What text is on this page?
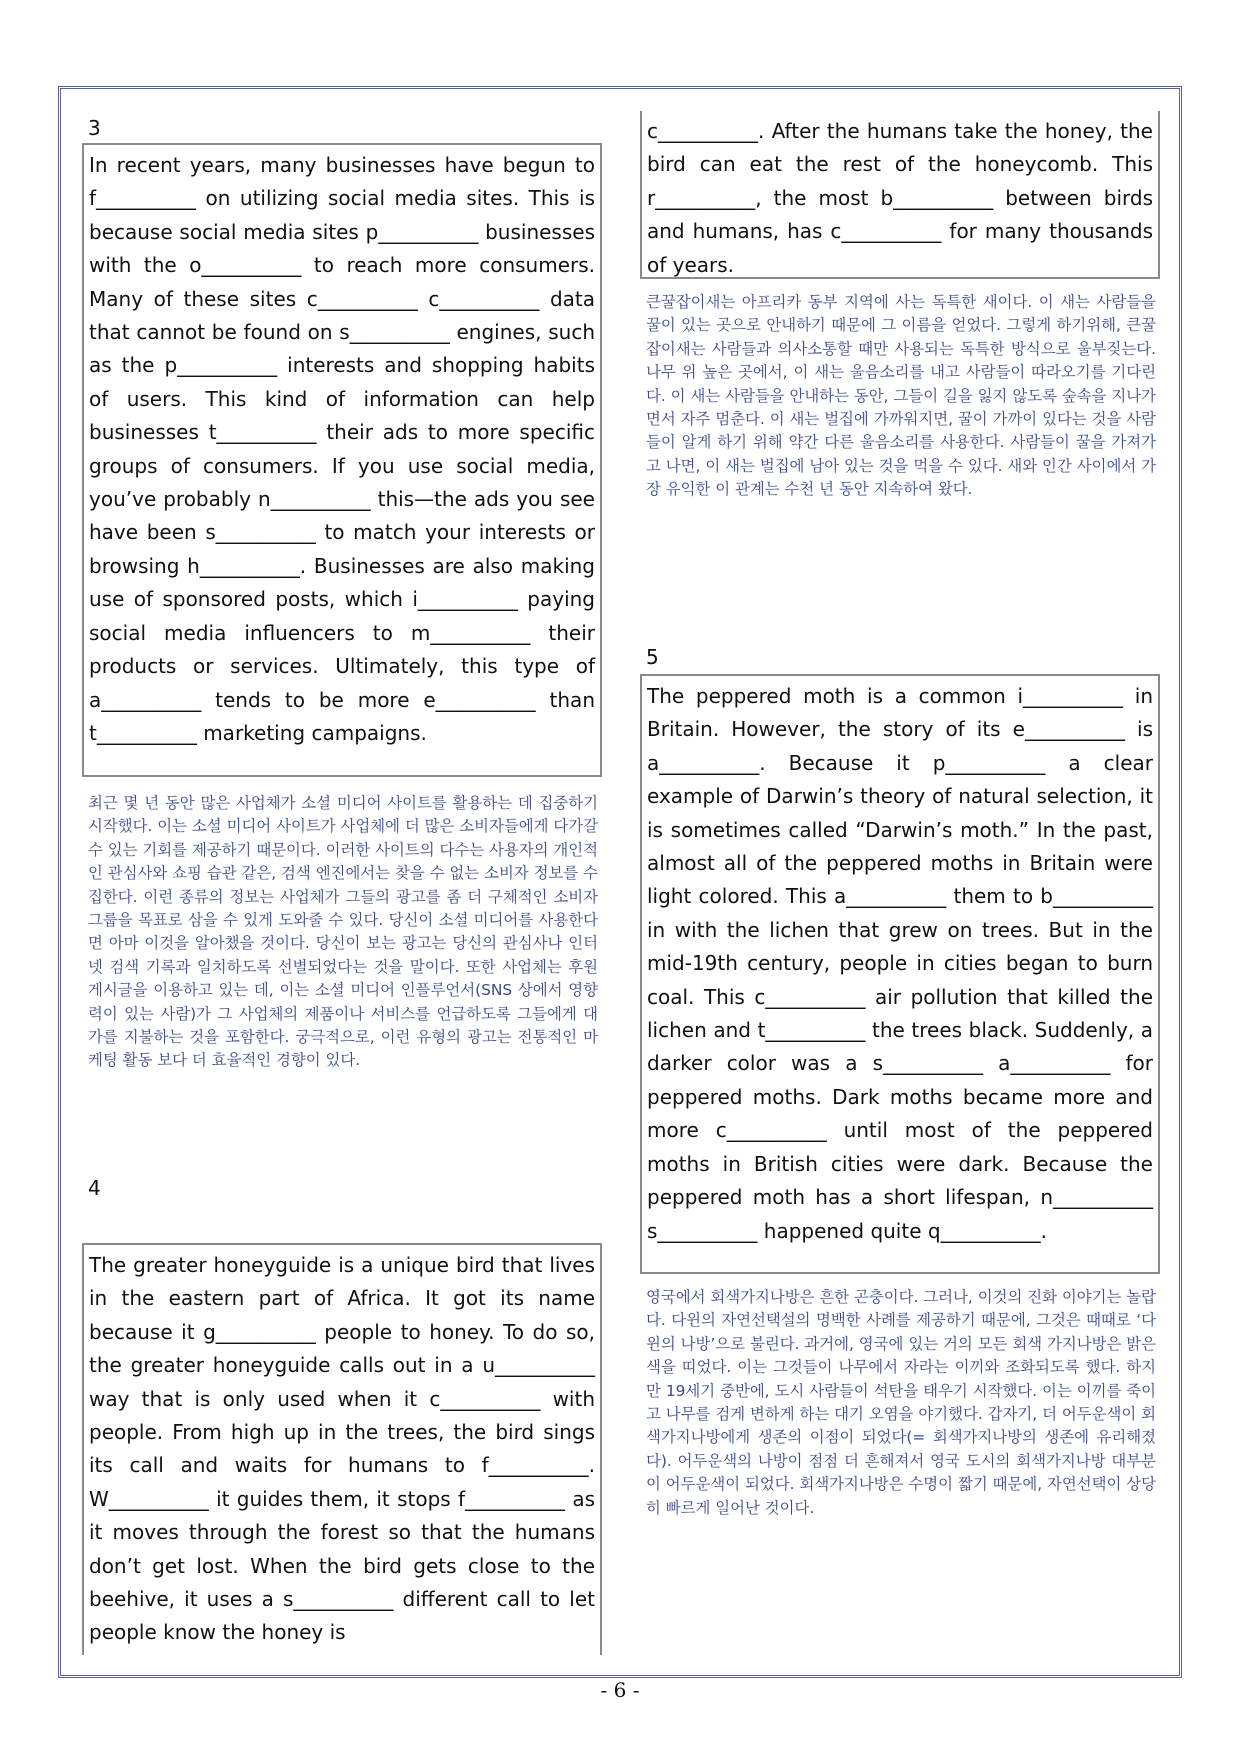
3
In recent years, many businesses have begun to f__________ on utilizing social media sites. This is because social media sites p__________ businesses with the o__________ to reach more consumers. Many of these sites c__________ c__________ data that cannot be found on s__________ engines, such as the p__________ interests and shopping habits of users. This kind of information can help businesses t__________ their ads to more specific groups of consumers. If you use social media, you’ve probably n__________ this—the ads you see have been s__________ to match your interests or browsing h__________. Businesses are also making use of sponsored posts, which i__________ paying social media influencers to m__________ their products or services. Ultimately, this type of a__________ tends to be more e__________ than t__________ marketing campaigns.
최근 몇 년 동안 많은 사업체가 소셜 미디어 사이트를 활용하는 데 집중하기 시작했다. 이는 소셜 미디어 사이트가 사업체에 더 많은 소비자들에게 다가갈 수 있는 기회를 제공하기 때문이다. 이러한 사이트의 다수는 사용자의 개인적인 관심사와 쇼핑 습관 같은, 검색 엔진에서는 찾을 수 없는 소비자 정보를 수집한다. 이런 종류의 정보는 사업체가 그들의 광고를 좀 더 구체적인 소비자 그룹을 목표로 삼을 수 있게 도와줄 수 있다. 당신이 소셜 미디어를 사용한다면 아마 이것을 알아챘을 것이다. 당신이 보는 광고는 당신의 관심사나 인터넷 검색 기록과 일치하도록 선별되었다는 것을 말이다. 또한 사업체는 후원 게시글을 이용하고 있는 데, 이는 소셜 미디어 인플루언서(SNS 상에서 영향력이 있는 사람)가 그 사업체의 제품이나 서비스를 언급하도록 그들에게 대가를 지불하는 것을 포함한다. 궁극적으로, 이런 유형의 광고는 전통적인 마케팅 활동 보다 더 효율적인 경향이 있다.
4
The greater honeyguide is a unique bird that lives in the eastern part of Africa. It got its name because it g__________ people to honey. To do so, the greater honeyguide calls out in a u__________ way that is only used when it c__________ with people. From high up in the trees, the bird sings its call and waits for humans to f__________. W__________ it guides them, it stops f__________ as it moves through the forest so that the humans don’t get lost. When the bird gets close to the beehive, it uses a s__________ different call to let people know the honey is
c__________. After the humans take the honey, the bird can eat the rest of the honeycomb. This r__________, the most b__________ between birds and humans, has c__________ for many thousands of years.
큰꿀잡이새는 아프리카 동부 지역에 사는 독특한 새이다. 이 새는 사람들을 꿀이 있는 곳으로 안내하기 때문에 그 이름을 얻었다. 그렇게 하기위해, 큰꿀잡이새는 사람들과 의사소통할 때만 사용되는 독특한 방식으로 울부짖는다. 나무 위 높은 곳에서, 이 새는 울음소리를 내고 사람들이 따라오기를 기다린다. 이 새는 사람들을 안내하는 동안, 그들이 길을 잃지 않도록 숲속을 지나가면서 자주 멈춘다. 이 새는 벌집에 가까워지면, 꿀이 가까이 있다는 것을 사람들이 알게 하기 위해 약간 다른 울음소리를 사용한다. 사람들이 꿀을 가져가고 나면, 이 새는 벌집에 남아 있는 것을 먹을 수 있다. 새와 인간 사이에서 가장 유익한 이 관계는 수천 년 동안 지속하여 왔다.
5
The peppered moth is a common i__________ in Britain. However, the story of its e__________ is a__________. Because it p__________ a clear example of Darwin’s theory of natural selection, it is sometimes called “Darwin’s moth.” In the past, almost all of the peppered moths in Britain were light colored. This a__________ them to b__________ in with the lichen that grew on trees. But in the mid-19th century, people in cities began to burn coal. This c__________ air pollution that killed the lichen and t__________ the trees black. Suddenly, a darker color was a s__________ a__________ for peppered moths. Dark moths became more and more c__________ until most of the peppered moths in British cities were dark. Because the peppered moth has a short lifespan, n__________ s__________ happened quite q__________.
영국에서 회색가지나방은 흔한 곤충이다. 그러나, 이것의 진화 이야기는 놀랍다. 다윈의 자연선택설의 명백한 사례를 제공하기 때문에, 그것은 때때로 ‘다윈의 나방’으로 불린다. 과거에, 영국에 있는 거의 모든 회색 가지나방은 밝은색을 띠었다. 이는 그것들이 나무에서 자라는 이끼와 조화되도록 했다. 하지만 19세기 중반에, 도시 사람들이 석탄을 태우기 시작했다. 이는 이끼를 죽이고 나무를 검게 변하게 하는 대기 오염을 야기했다. 갑자기, 더 어두운색이 회색가지나방에게 생존의 이점이 되었다(= 회색가지나방의 생존에 유리해졌다). 어두운색의 나방이 점점 더 흔해져서 영국 도시의 회색가지나방 대부분이 어두운색이 되었다. 회색가지나방은 수명이 짧기 때문에, 자연선택이 상당히 빠르게 일어난 것이다.
- 6 -
